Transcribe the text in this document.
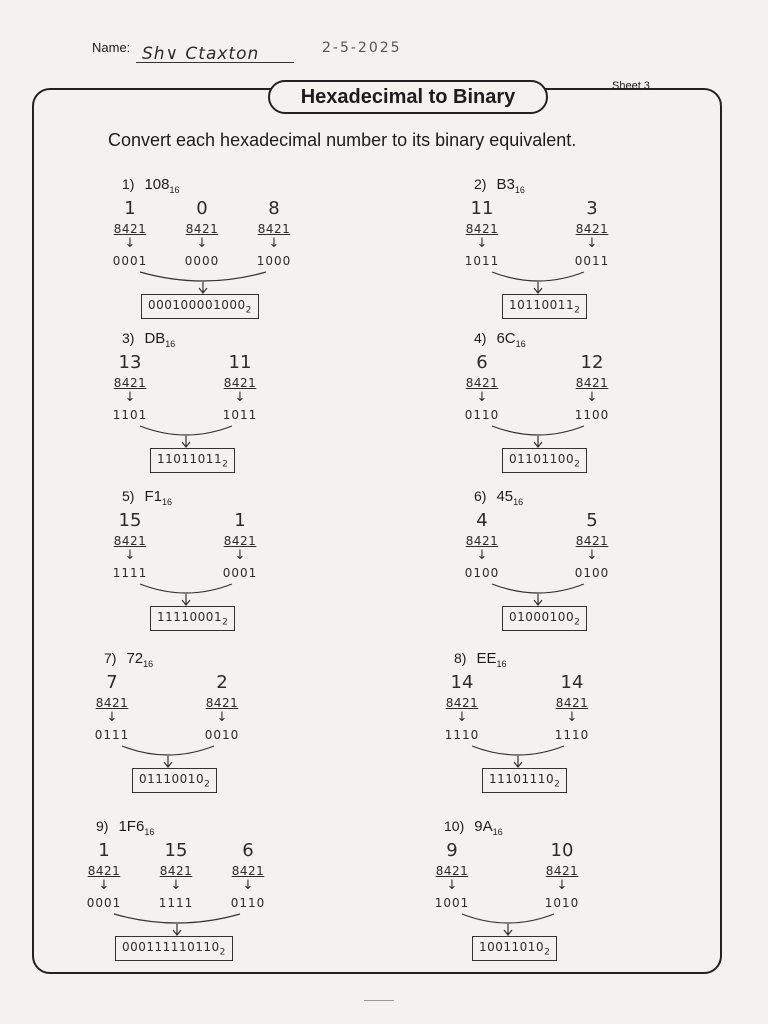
Name: Sh∨ Ctaxton	2-5-2025
Hexadecimal to Binary	Sheet 3
Convert each hexadecimal number to its binary equivalent.
1) $108_{16}$
1
8421
↓
0001
0
8421
↓
0000
8
8421
↓
1000
$000100001000_2$
2) $B3_{16}$
11
8421
↓
1011
3
8421
↓
0011
$10110011_2$
3) $DB_{16}$
13
8421
↓
1101
11
8421
↓
1011
$11011011_2$
4) $6C_{16}$
6
8421
↓
0110
12
8421
↓
1100
$01101100_2$
5) $F1_{16}$
15
8421
↓
1111
1
8421
↓
0001
$11110001_2$
6) $45_{16}$
4
8421
↓
0100
5
8421
↓
0100
$01000100_2$
7) $72_{16}$
7
8421
↓
0111
2
8421
↓
0010
$01110010_2$
8) $EE_{16}$
14
8421
↓
1110
14
8421
↓
1110
$11101110_2$
9) $1F6_{16}$
1
8421
↓
0001
15
8421
↓
1111
6
8421
↓
0110
$000111110110_2$
10) $9A_{16}$
9
8421
↓
1001
10
8421
↓
1010
$10011010_2$
